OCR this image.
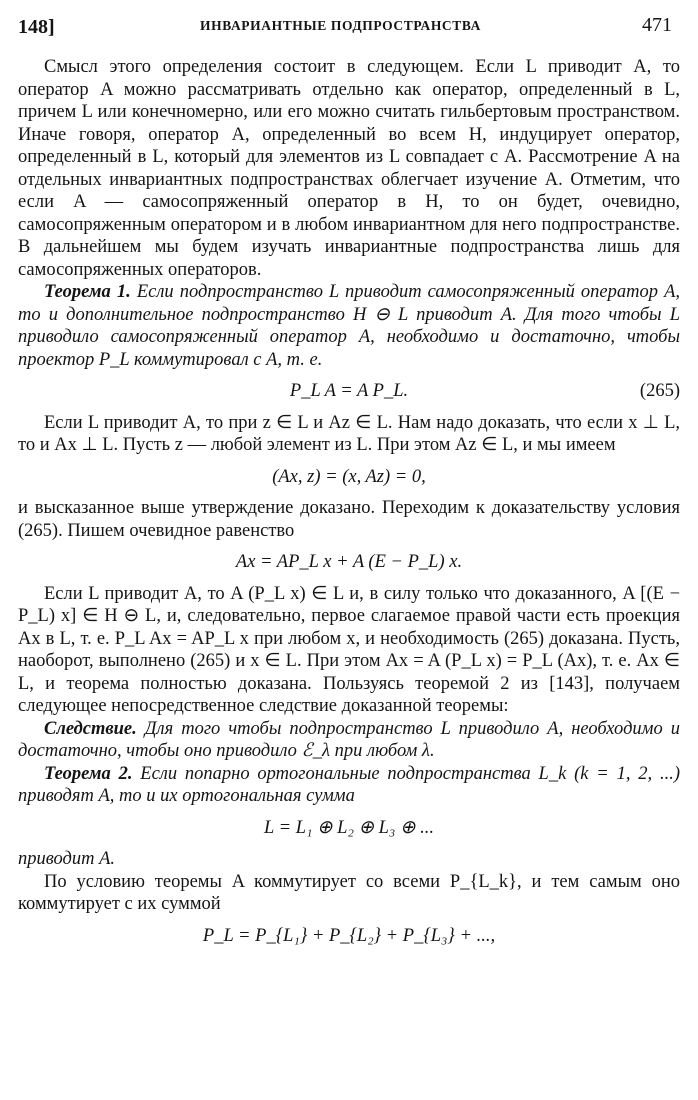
148]	ИНВАРИАНТНЫЕ ПОДПРОСТРАНСТВА	471

Смысл этого определения состоит в следующем. Если L приводит A, то оператор A можно рассматривать отдельно как оператор, определенный в L, причем L или конечномерно, или его можно считать гильбертовым пространством. Иначе говоря, оператор A, определенный во всем H, индуцирует оператор, определенный в L, который для элементов из L совпадает с A. Рассмотрение A на отдельных инвариантных подпространствах облегчает изучение A. Отметим, что если A — самосопряженный оператор в H, то он будет, очевидно, самосопряженным оператором и в любом инвариантном для него подпространстве. В дальнейшем мы будем изучать инвариантные подпространства лишь для самосопряженных операторов.

Теорема 1. Если подпространство L приводит самосопряженный оператор A, то и дополнительное подпространство H ⊖ L приводит A. Для того чтобы L приводило самосопряженный оператор A, необходимо и достаточно, чтобы проектор P_L коммутировал с A, т. е.

P_L A = A P_L.	(265)

Если L приводит A, то при z ∈ L и Az ∈ L. Нам надо доказать, что если x ⊥ L, то и Ax ⊥ L. Пусть z — любой элемент из L. При этом Az ∈ L, и мы имеем

(Ax, z) = (x, Az) = 0,

и высказанное выше утверждение доказано. Переходим к доказательству условия (265). Пишем очевидное равенство

Ax = AP_L x + A (E − P_L) x.

Если L приводит A, то A (P_L x) ∈ L и, в силу только что доказанного, A [(E − P_L) x] ∈ H ⊖ L, и, следовательно, первое слагаемое правой части есть проекция Ax в L, т. е. P_L Ax = AP_L x при любом x, и необходимость (265) доказана. Пусть, наоборот, выполнено (265) и x ∈ L. При этом Ax = A (P_L x) = P_L (Ax), т. е. Ax ∈ L, и теорема полностью доказана. Пользуясь теоремой 2 из [143], получаем следующее непосредственное следствие доказанной теоремы:

Следствие. Для того чтобы подпространство L приводило A, необходимо и достаточно, чтобы оно приводило ℰ_λ при любом λ.

Теорема 2. Если попарно ортогональные подпространства L_k (k = 1, 2, ...) приводят A, то и их ортогональная сумма

L = L₁ ⊕ L₂ ⊕ L₃ ⊕ ...

приводит A.

По условию теоремы A коммутирует со всеми P_{L_k}, и тем самым оно коммутирует с их суммой

P_L = P_{L₁} + P_{L₂} + P_{L₃} + ...,
